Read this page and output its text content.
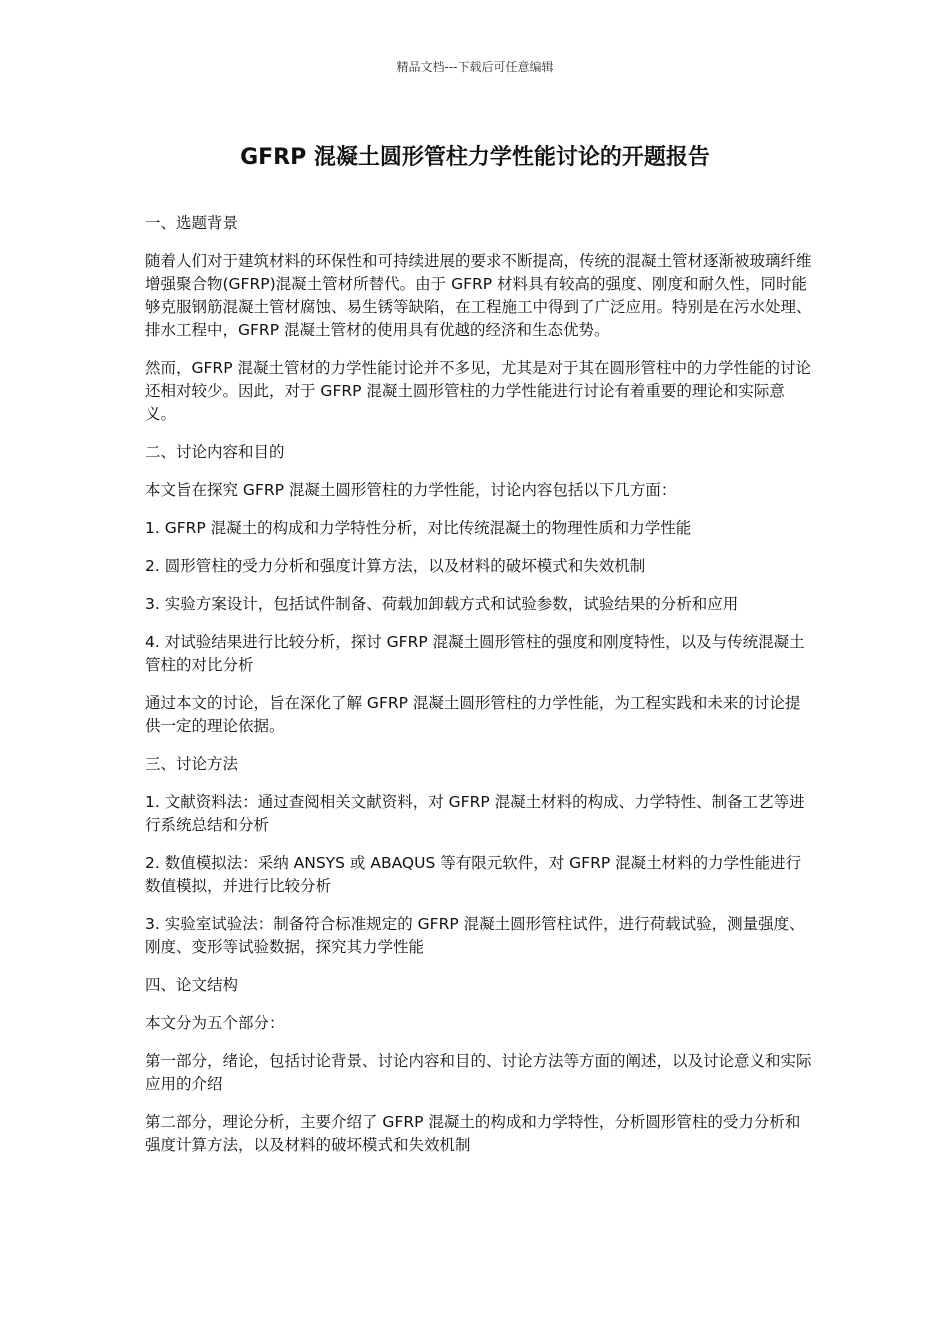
精品文档---下载后可任意编辑
GFRP 混凝土圆形管柱力学性能讨论的开题报告

一、选题背景

随着人们对于建筑材料的环保性和可持续进展的要求不断提高，传统的混凝土管材逐渐被玻璃纤维增强聚合物(GFRP)混凝土管材所替代。由于 GFRP 材料具有较高的强度、刚度和耐久性，同时能够克服钢筋混凝土管材腐蚀、易生锈等缺陷，在工程施工中得到了广泛应用。特别是在污水处理、排水工程中，GFRP 混凝土管材的使用具有优越的经济和生态优势。

然而，GFRP 混凝土管材的力学性能讨论并不多见，尤其是对于其在圆形管柱中的力学性能的讨论还相对较少。因此，对于 GFRP 混凝土圆形管柱的力学性能进行讨论有着重要的理论和实际意义。

二、讨论内容和目的

本文旨在探究 GFRP 混凝土圆形管柱的力学性能，讨论内容包括以下几方面：

1. GFRP 混凝土的构成和力学特性分析，对比传统混凝土的物理性质和力学性能

2. 圆形管柱的受力分析和强度计算方法，以及材料的破坏模式和失效机制

3. 实验方案设计，包括试件制备、荷载加卸载方式和试验参数，试验结果的分析和应用

4. 对试验结果进行比较分析，探讨 GFRP 混凝土圆形管柱的强度和刚度特性，以及与传统混凝土管柱的对比分析

通过本文的讨论，旨在深化了解 GFRP 混凝土圆形管柱的力学性能，为工程实践和未来的讨论提供一定的理论依据。

三、讨论方法

1. 文献资料法：通过查阅相关文献资料，对 GFRP 混凝土材料的构成、力学特性、制备工艺等进行系统总结和分析

2. 数值模拟法：采纳 ANSYS 或 ABAQUS 等有限元软件，对 GFRP 混凝土材料的力学性能进行数值模拟，并进行比较分析

3. 实验室试验法：制备符合标准规定的 GFRP 混凝土圆形管柱试件，进行荷载试验，测量强度、刚度、变形等试验数据，探究其力学性能

四、论文结构

本文分为五个部分：

第一部分，绪论，包括讨论背景、讨论内容和目的、讨论方法等方面的阐述，以及讨论意义和实际应用的介绍

第二部分，理论分析，主要介绍了 GFRP 混凝土的构成和力学特性，分析圆形管柱的受力分析和强度计算方法，以及材料的破坏模式和失效机制
